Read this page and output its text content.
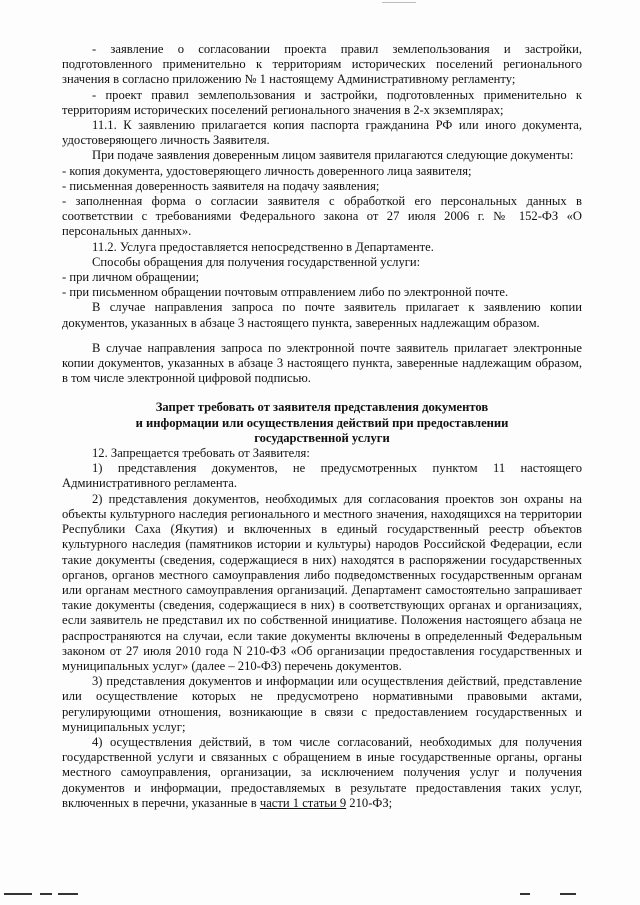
- заявление о согласовании проекта правил землепользования и застройки, подготовленного применительно к территориям исторических поселений регионального значения в согласно приложению № 1 настоящему Административному регламенту;

- проект правил землепользования и застройки, подготовленных применительно к территориям исторических поселений регионального значения в 2-х экземплярах;

11.1. К заявлению прилагается копия паспорта гражданина РФ или иного документа, удостоверяющего личность Заявителя.

При подаче заявления доверенным лицом заявителя прилагаются следующие документы:

- копия документа, удостоверяющего личность доверенного лица заявителя;

- письменная доверенность заявителя на подачу заявления;

- заполненная форма о согласии заявителя с обработкой его персональных данных в соответствии с требованиями Федерального закона от 27 июля 2006 г. № 152-ФЗ «О персональных данных».

11.2. Услуга предоставляется непосредственно в Департаменте.

Способы обращения для получения государственной услуги:

- при личном обращении;

- при письменном обращении почтовым отправлением либо по электронной почте.

В случае направления запроса по почте заявитель прилагает к заявлению копии документов, указанных в абзаце 3 настоящего пункта, заверенных надлежащим образом.

В случае направления запроса по электронной почте заявитель прилагает электронные копии документов, указанных в абзаце 3 настоящего пункта, заверенные надлежащим образом, в том числе электронной цифровой подписью.

Запрет требовать от заявителя представления документов

и информации или осуществления действий при предоставлении

государственной услуги

12. Запрещается требовать от Заявителя:

1) представления документов, не предусмотренных пунктом 11 настоящего Административного регламента.

2) представления документов, необходимых для согласования проектов зон охраны на объекты культурного наследия регионального и местного значения, находящихся на территории Республики Саха (Якутия) и включенных в единый государственный реестр объектов культурного наследия (памятников истории и культуры) народов Российской Федерации, если такие документы (сведения, содержащиеся в них) находятся в распоряжении государственных органов, органов местного самоуправления либо подведомственных государственным органам или органам местного самоуправления организаций. Департамент самостоятельно запрашивает такие документы (сведения, содержащиеся в них) в соответствующих органах и организациях, если заявитель не представил их по собственной инициативе. Положения настоящего абзаца не распространяются на случаи, если такие документы включены в определенный Федеральным законом от 27 июля 2010 года N 210-ФЗ «Об организации предоставления государственных и муниципальных услуг» (далее – 210-ФЗ) перечень документов.

3) представления документов и информации или осуществления действий, представление или осуществление которых не предусмотрено нормативными правовыми актами, регулирующими отношения, возникающие в связи с предоставлением государственных и муниципальных услуг;

4) осуществления действий, в том числе согласований, необходимых для получения государственной услуги и связанных с обращением в иные государственные органы, органы местного самоуправления, организации, за исключением получения услуг и получения документов и информации, предоставляемых в результате предоставления таких услуг, включенных в перечни, указанные в части 1 статьи 9 210-ФЗ;
